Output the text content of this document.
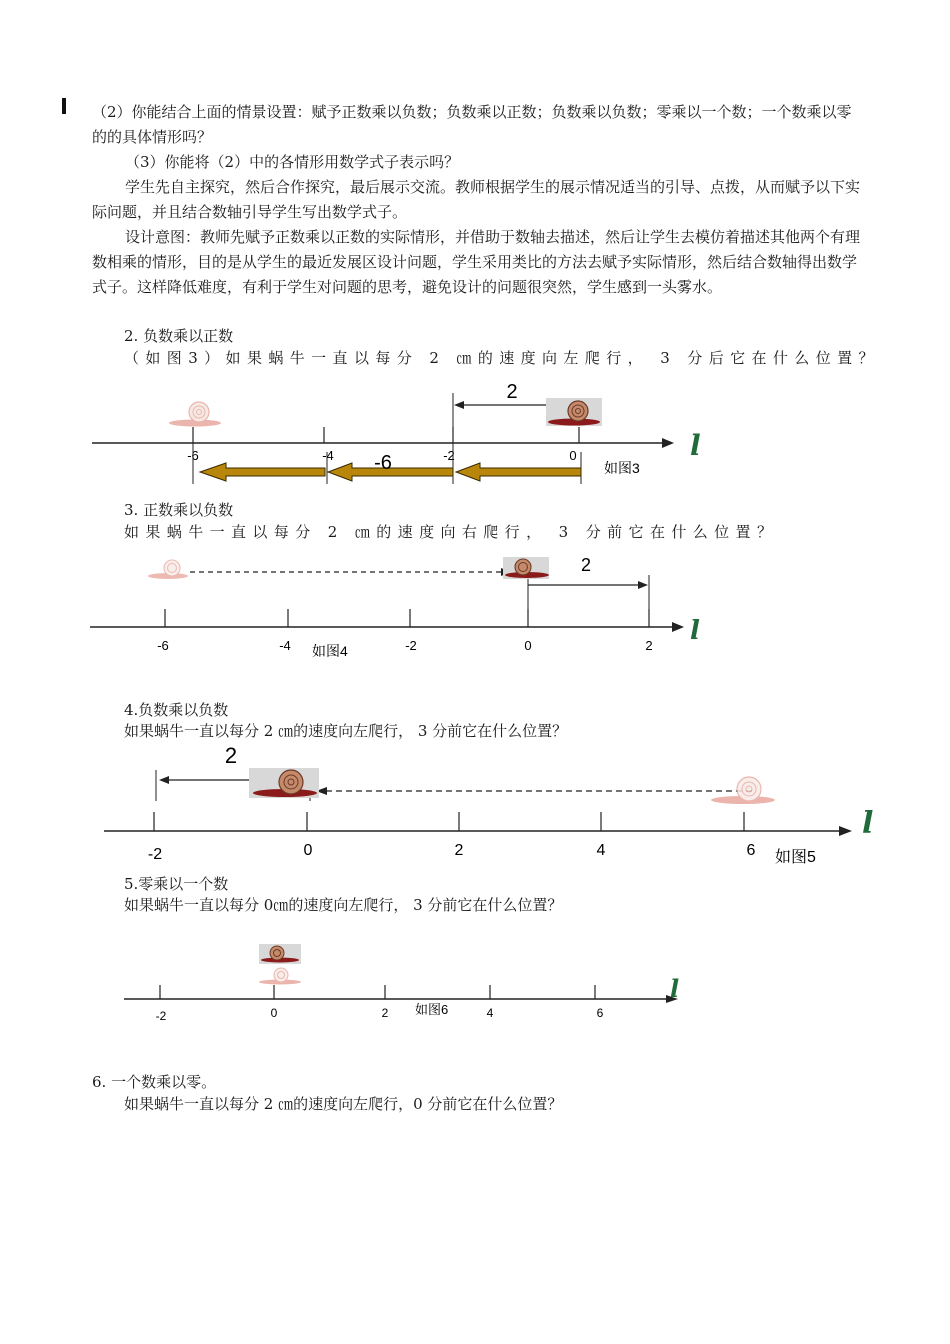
（2）你能结合上面的情景设置：赋予正数乘以负数；负数乘以正数；负数乘以负数；零乘以一个数；一个数乘以零的的具体情形吗？

（3）你能将（2）中的各情形用数学式子表示吗？

学生先自主探究，然后合作探究，最后展示交流。教师根据学生的展示情况适当的引导、点拨，从而赋予以下实际问题，并且结合数轴引导学生写出数学式子。

设计意图：教师先赋予正数乘以正数的实际情形，并借助于数轴去描述，然后让学生去模仿着描述其他两个有理数相乘的情形，目的是从学生的最近发展区设计问题，学生采用类比的方法去赋予实际情形，然后结合数轴得出数学式子。这样降低难度，有利于学生对问题的思考，避免设计的问题很突然，学生感到一头雾水。

2. 负数乘以正数
（如图3）如果蜗牛一直以每分 2 ㎝的速度向左爬行， 3 分后它在什么位置？
l
-6	-4	-2	0
2
-6	如图3
3. 正数乘以负数
如果蜗牛一直以每分 2 ㎝的速度向右爬行， 3 分前它在什么位置？
l
-6	-4	-2	0	2
2
如图4
4.负数乘以负数
如果蜗牛一直以每分 2 ㎝的速度向左爬行， 3 分前它在什么位置？
l
-2	0	2	4	6
2
如图5
5.零乘以一个数
如果蜗牛一直以每分 0㎝的速度向左爬行， 3 分前它在什么位置？
l
-2	0	2	4	6
如图6
6. 一个数乘以零。
如果蜗牛一直以每分 2 ㎝的速度向左爬行，0 分前它在什么位置？
